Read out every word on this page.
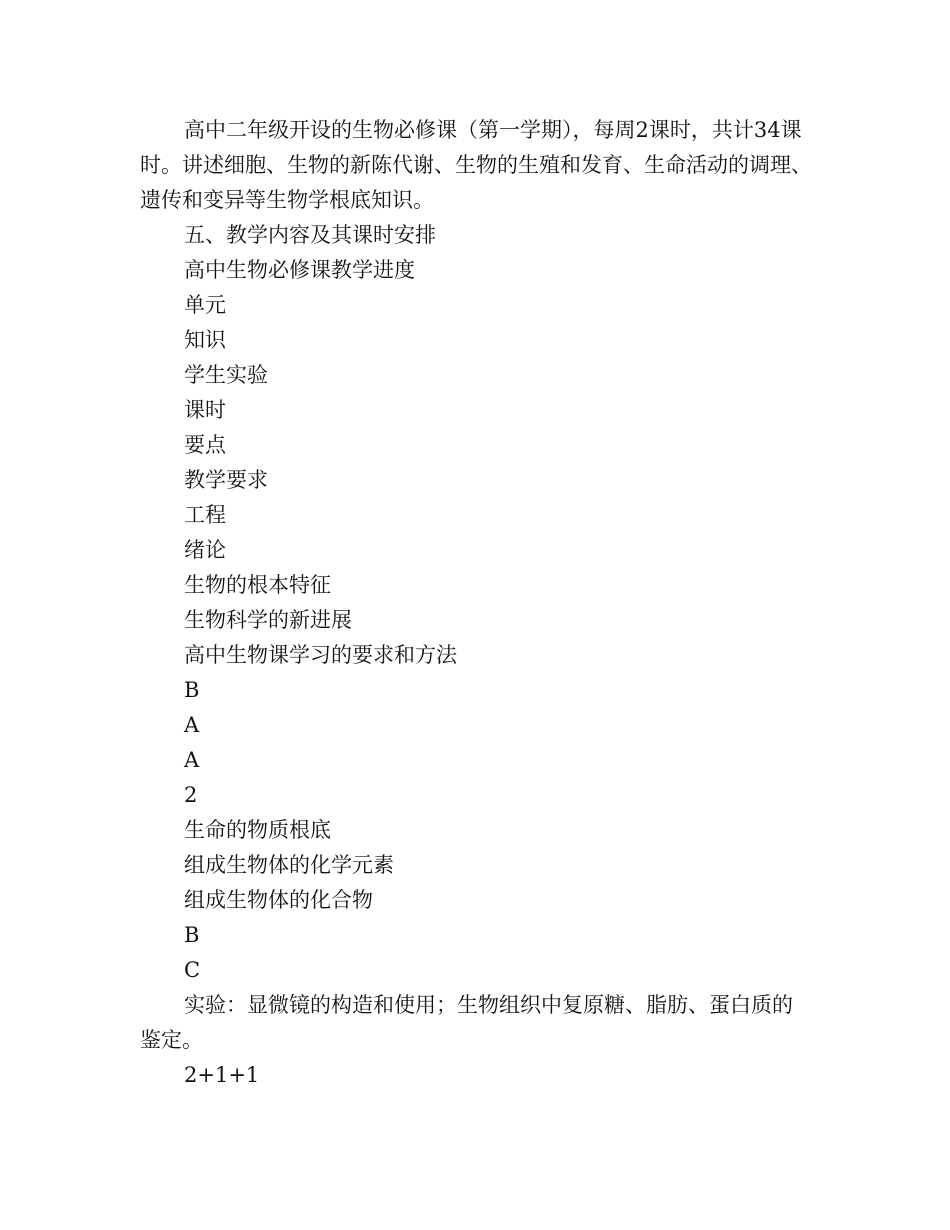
高中二年级开设的生物必修课（第一学期），每周2课时，共计34课时。讲述细胞、生物的新陈代谢、生物的生殖和发育、生命活动的调理、遗传和变异等生物学根底知识。

五、教学内容及其课时安排

高中生物必修课教学进度

单元

知识

学生实验

课时

要点

教学要求

工程

绪论

生物的根本特征

生物科学的新进展

高中生物课学习的要求和方法

B

A

A

2

生命的物质根底

组成生物体的化学元素

组成生物体的化合物

B

C

实验：显微镜的构造和使用；生物组织中复原糖、脂肪、蛋白质的鉴定。

2+1+1
